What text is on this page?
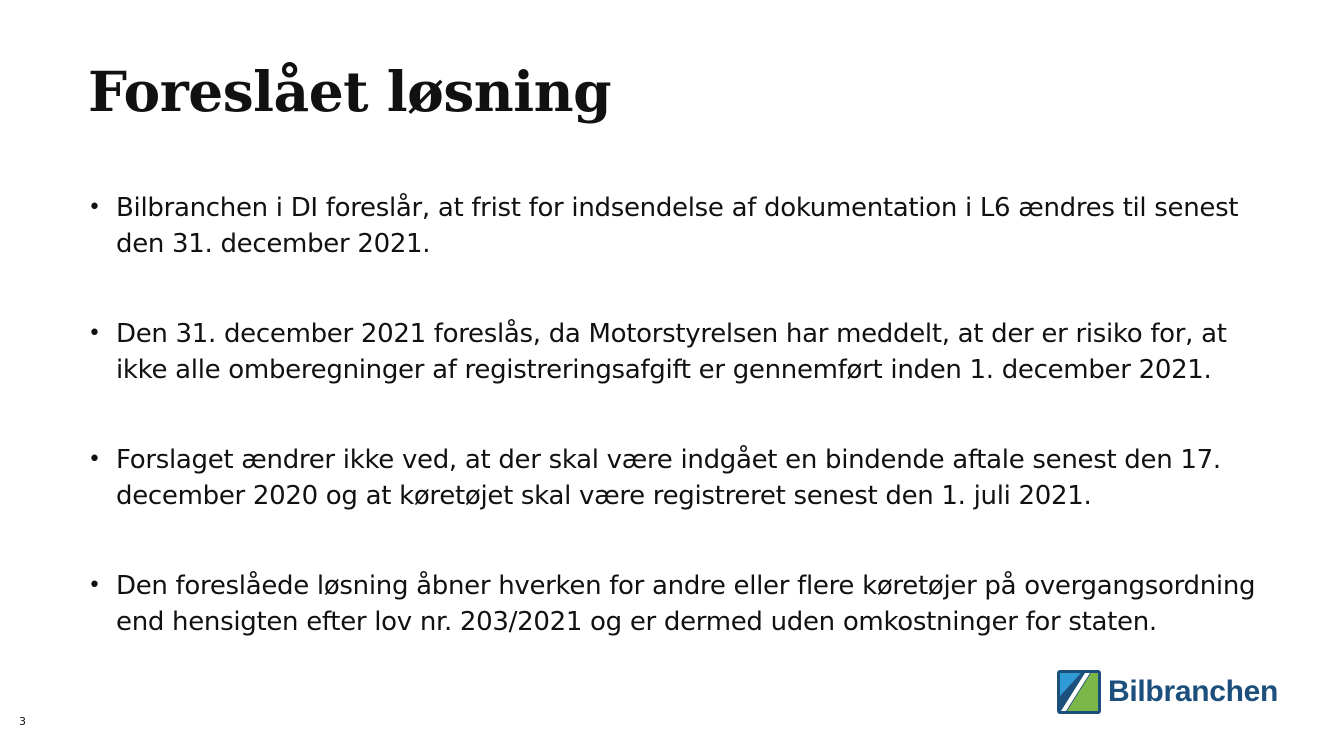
Foreslået løsning
• Bilbranchen i DI foreslår, at frist for indsendelse af dokumentation i L6 ændres til senest den 31. december 2021.
• Den 31. december 2021 foreslås, da Motorstyrelsen har meddelt, at der er risiko for, at ikke alle omberegninger af registreringsafgift er gennemført inden 1. december 2021.
• Forslaget ændrer ikke ved, at der skal være indgået en bindende aftale senest den 17. december 2020 og at køretøjet skal være registreret senest den 1. juli 2021.
• Den foreslåede løsning åbner hverken for andre eller flere køretøjer på overgangsordning end hensigten efter lov nr. 203/2021 og er dermed uden omkostninger for staten.
3
Bilbranchen
